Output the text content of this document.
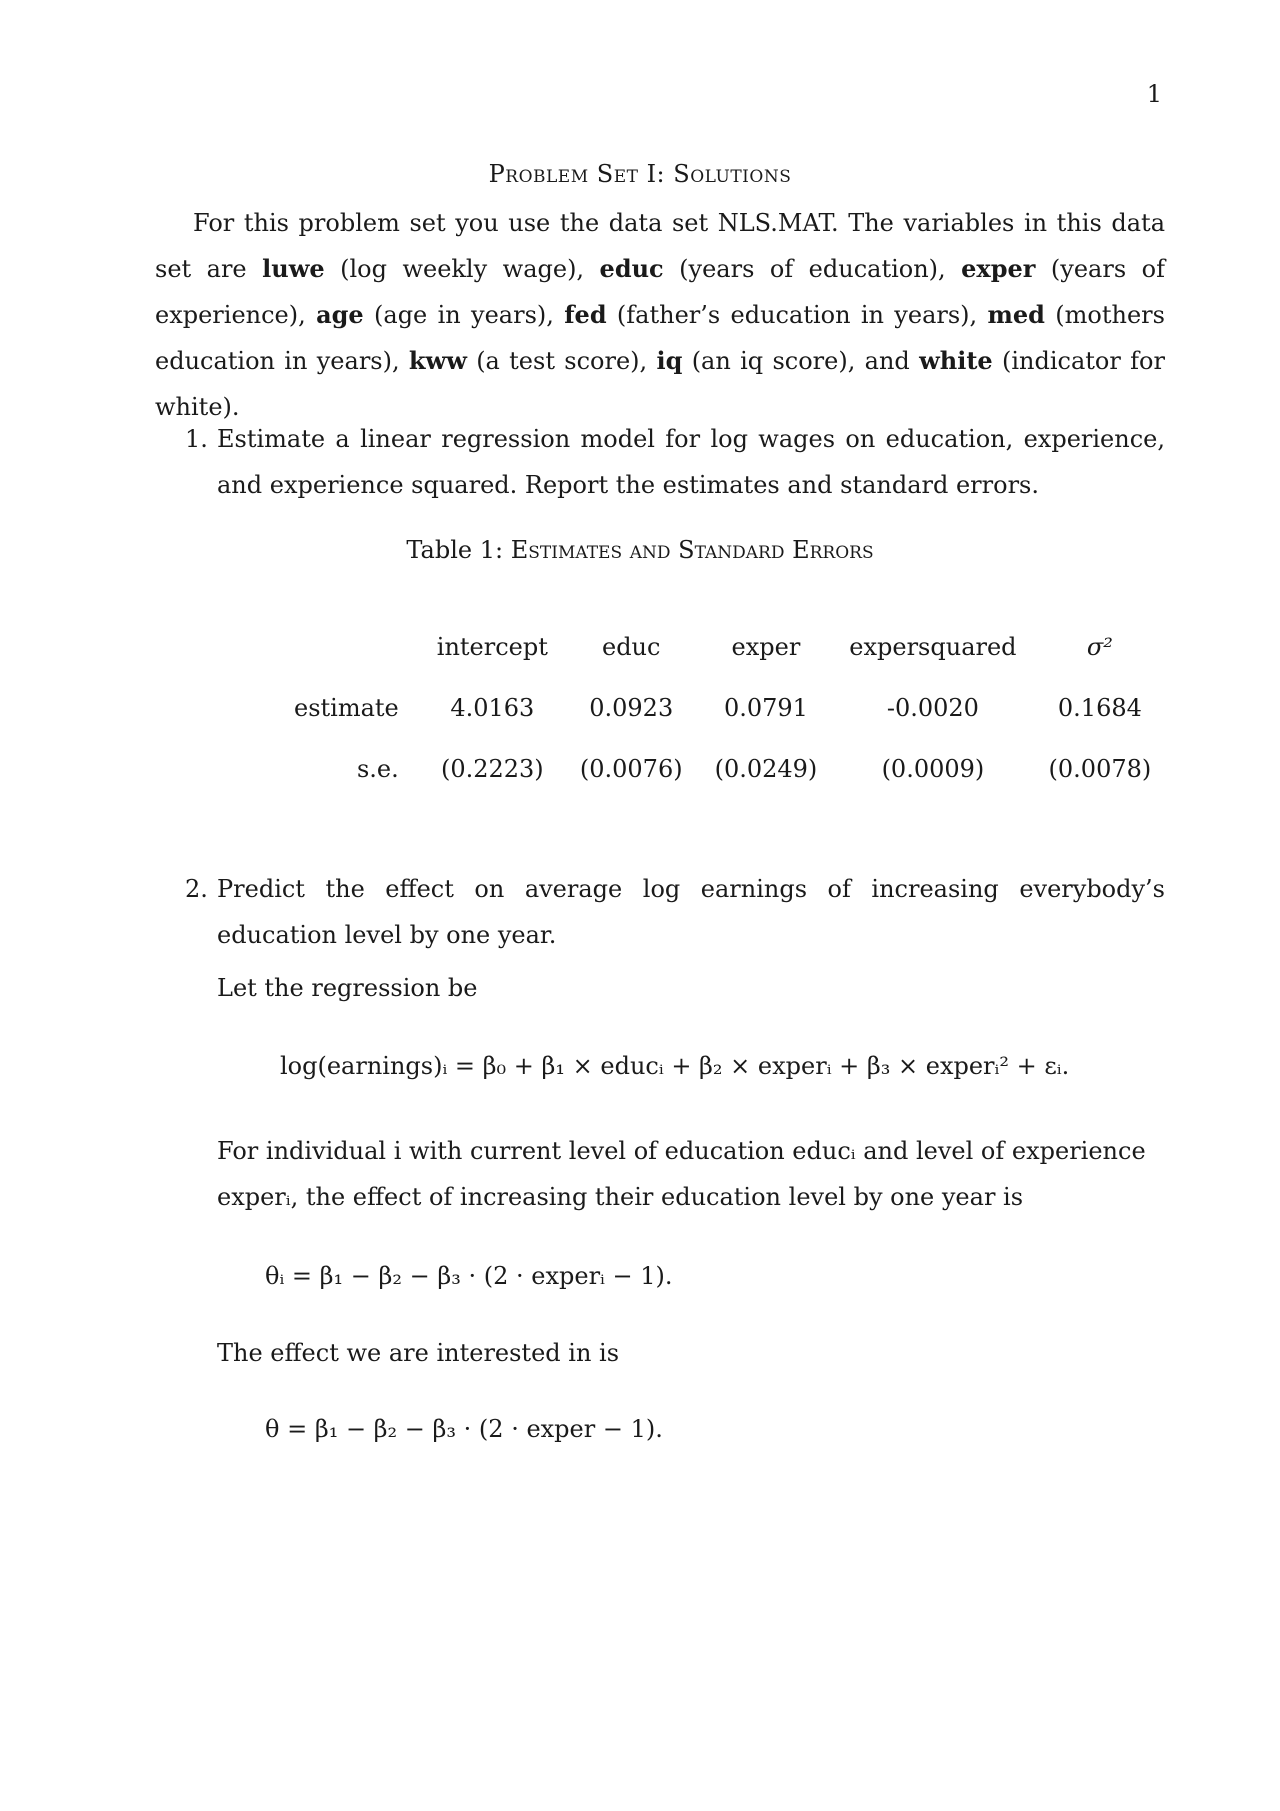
1
Problem Set I: Solutions
For this problem set you use the data set NLS.MAT. The variables in this data set are luwe (log weekly wage), educ (years of education), exper (years of experience), age (age in years), fed (father’s education in years), med (mothers education in years), kww (a test score), iq (an iq score), and white (indicator for white).
1. Estimate a linear regression model for log wages on education, experience, and experience squared. Report the estimates and standard errors.
Table 1: Estimates and Standard Errors
	intercept	educ	exper	expersquared	σ²
estimate	4.0163	0.0923	0.0791	-0.0020	0.1684
s.e.	(0.2223)	(0.0076)	(0.0249)	(0.0009)	(0.0078)
2. Predict the effect on average log earnings of increasing everybody’s education level by one year.
Let the regression be
log(earnings)ᵢ = β₀ + β₁ × educᵢ + β₂ × experᵢ + β₃ × experᵢ² + εᵢ.
For individual i with current level of education educᵢ and level of experience experᵢ, the effect of increasing their education level by one year is
θᵢ = β₁ − β₂ − β₃ · (2 · experᵢ − 1).
The effect we are interested in is
θ = β₁ − β₂ − β₃ · (2 · exper − 1).
